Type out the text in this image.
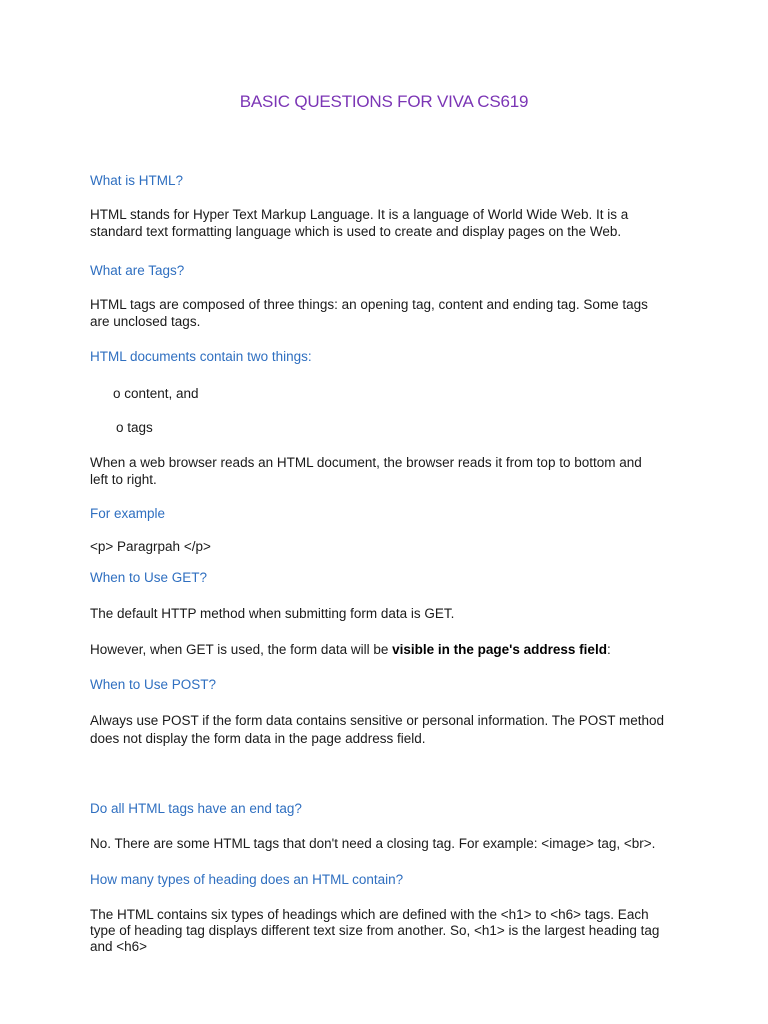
BASIC QUESTIONS FOR VIVA CS619
What is HTML?
HTML stands for Hyper Text Markup Language. It is a language of World Wide Web. It is a
standard text formatting language which is used to create and display pages on the Web.
What are Tags?
HTML tags are composed of three things: an opening tag, content and ending tag. Some tags
are unclosed tags.
HTML documents contain two things:
o content, and
o tags
When a web browser reads an HTML document, the browser reads it from top to bottom and
left to right.
For example
<p> Paragrpah </p>
When to Use GET?
The default HTTP method when submitting form data is GET.
However, when GET is used, the form data will be visible in the page's address field:
When to Use POST?
Always use POST if the form data contains sensitive or personal information. The POST method
does not display the form data in the page address field.
Do all HTML tags have an end tag?
No. There are some HTML tags that don't need a closing tag. For example: <image> tag, <br>.
How many types of heading does an HTML contain?
The HTML contains six types of headings which are defined with the <h1> to <h6> tags. Each
type of heading tag displays different text size from another. So, <h1> is the largest heading tag
and <h6>
